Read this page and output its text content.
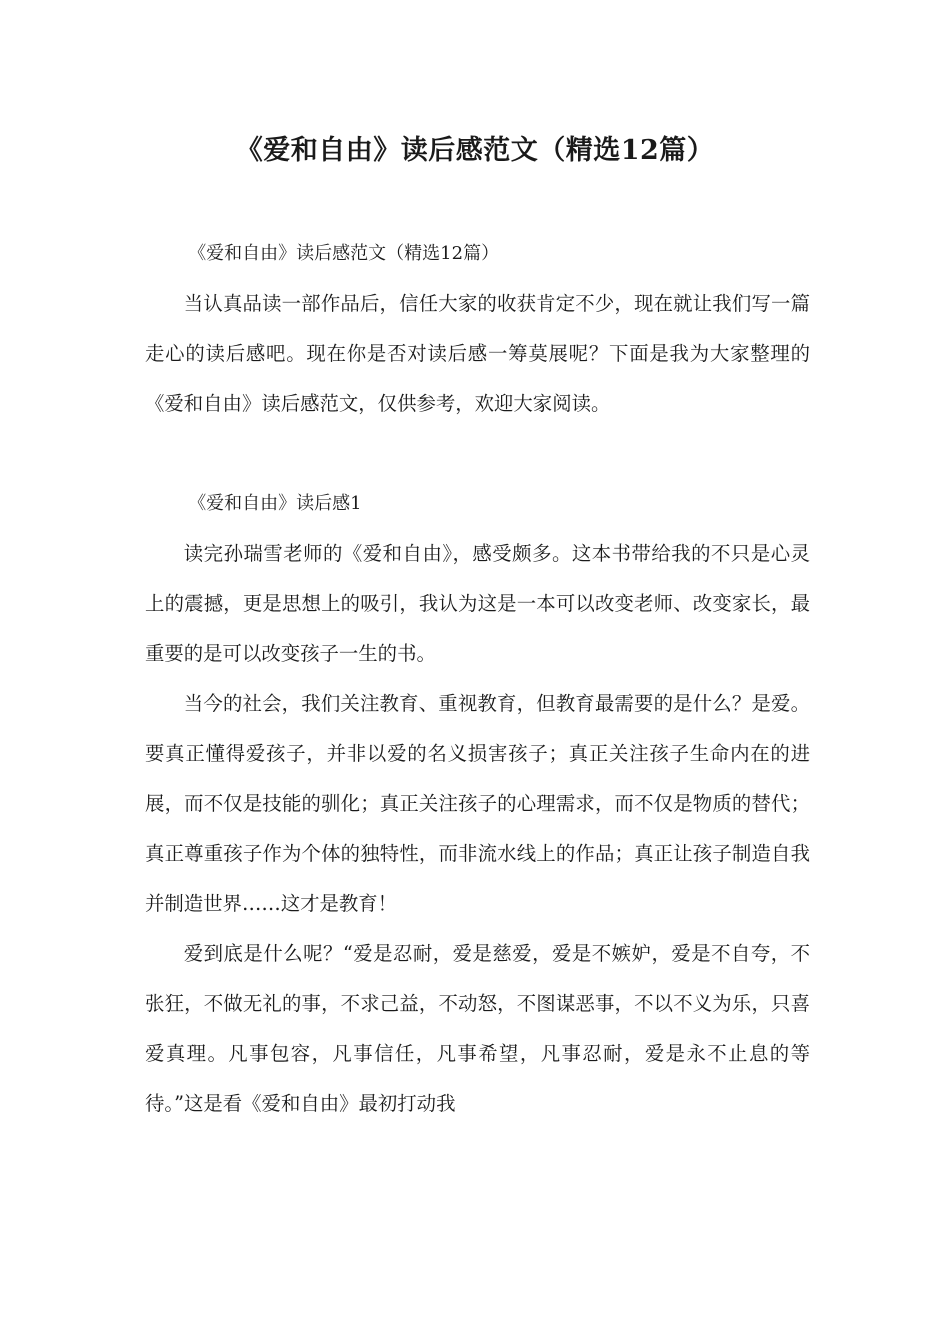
《爱和自由》读后感范文（精选12篇）

《爱和自由》读后感范文（精选12篇）

当认真品读一部作品后，信任大家的收获肯定不少，现在就让我们写一篇走心的读后感吧。现在你是否对读后感一筹莫展呢？下面是我为大家整理的《爱和自由》读后感范文，仅供参考，欢迎大家阅读。

《爱和自由》读后感1

读完孙瑞雪老师的《爱和自由》，感受颇多。这本书带给我的不只是心灵上的震撼，更是思想上的吸引，我认为这是一本可以改变老师、改变家长，最重要的是可以改变孩子一生的书。

当今的社会，我们关注教育、重视教育，但教育最需要的是什么？是爱。要真正懂得爱孩子，并非以爱的名义损害孩子；真正关注孩子生命内在的进展，而不仅是技能的驯化；真正关注孩子的心理需求，而不仅是物质的替代；真正尊重孩子作为个体的独特性，而非流水线上的作品；真正让孩子制造自我并制造世界……这才是教育！

爱到底是什么呢？“爱是忍耐，爱是慈爱，爱是不嫉妒，爱是不自夸，不张狂，不做无礼的事，不求己益，不动怒，不图谋恶事，不以不义为乐，只喜爱真理。凡事包容，凡事信任，凡事希望，凡事忍耐，爱是永不止息的等待。”这是看《爱和自由》最初打动我
